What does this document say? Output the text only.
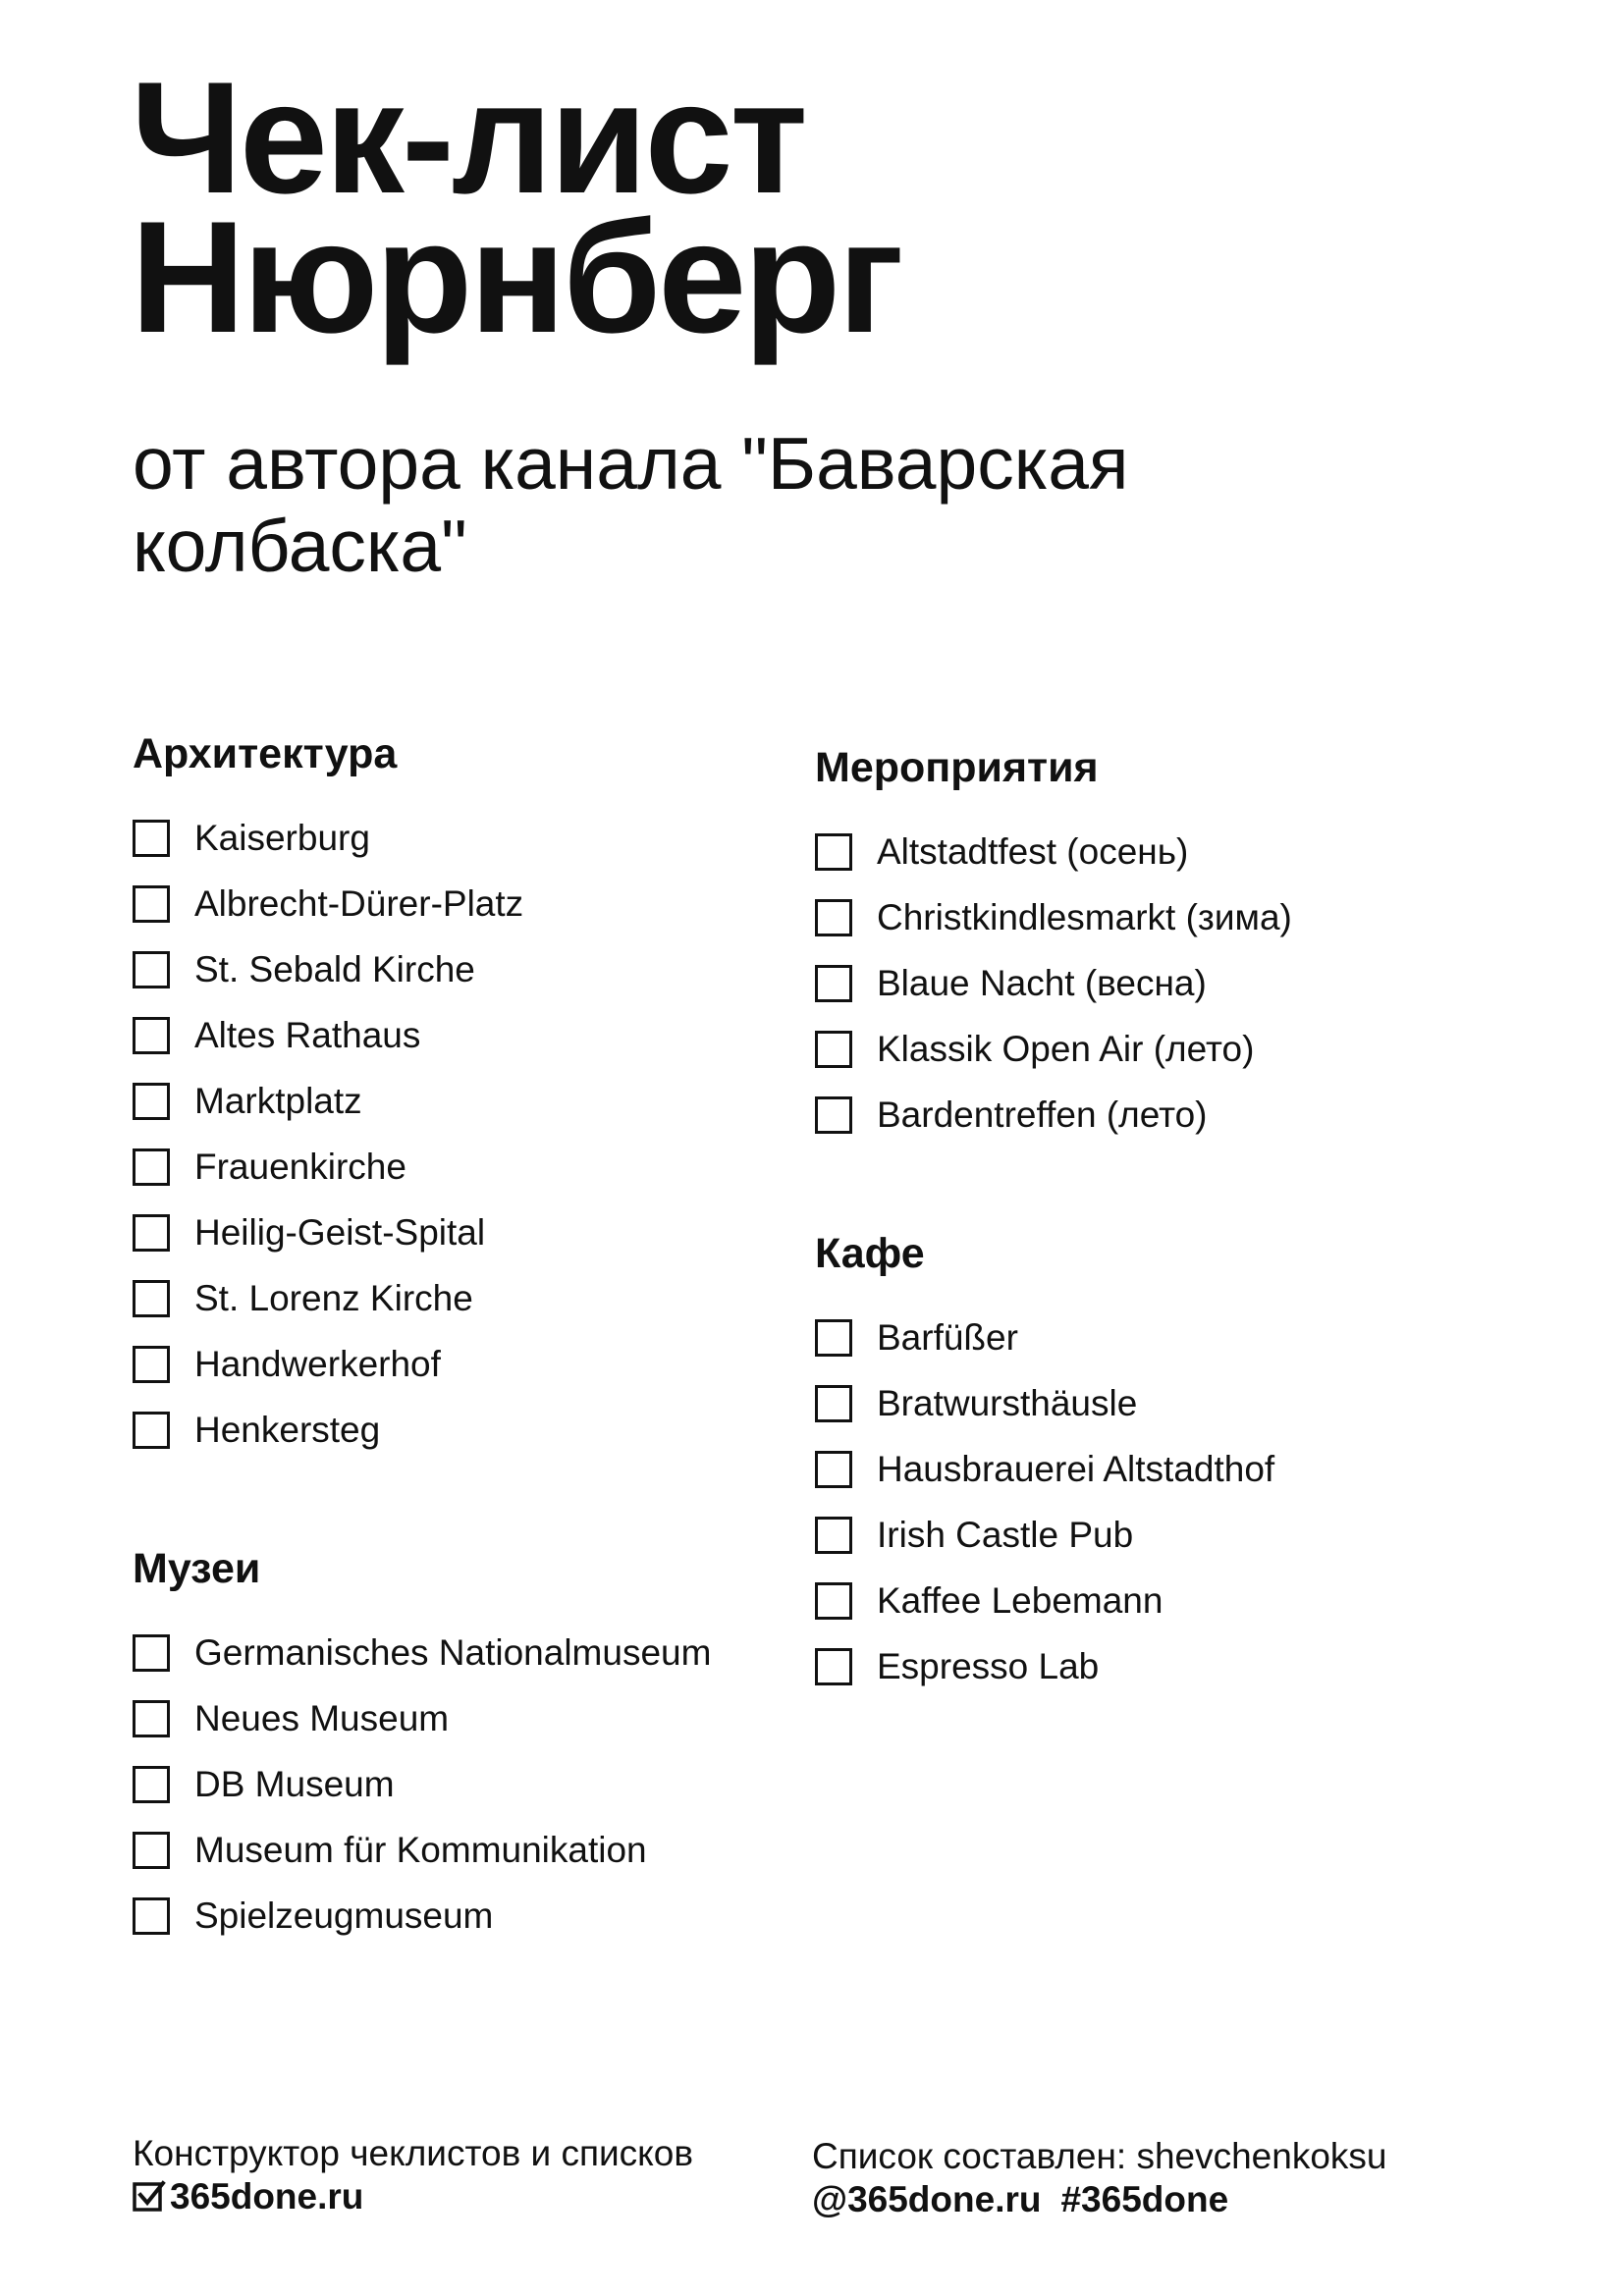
Чек-лист
Нюрнберг

от автора канала "Баварская колбаска"

Архитектура
Kaiserburg
Albrecht-Dürer-Platz
St. Sebald Kirche
Altes Rathaus
Marktplatz
Frauenkirche
Heilig-Geist-Spital
St. Lorenz Kirche
Handwerkerhof
Henkersteg
Музеи
Germanisches Nationalmuseum
Neues Museum
DB Museum
Museum für Kommunikation
Spielzeugmuseum
Мероприятия
Altstadtfest (осень)
Christkindlesmarkt (зима)
Blaue Nacht (весна)
Klassik Open Air (лето)
Bardentreffen (лето)
Кафе
Barfüßer
Bratwursthäusle
Hausbrauerei Altstadthof
Irish Castle Pub
Kaffee Lebemann
Espresso Lab
Конструктор чеклистов и списков
365done.ru
Список составлен: shevchenkoksu
@365done.ru #365done
